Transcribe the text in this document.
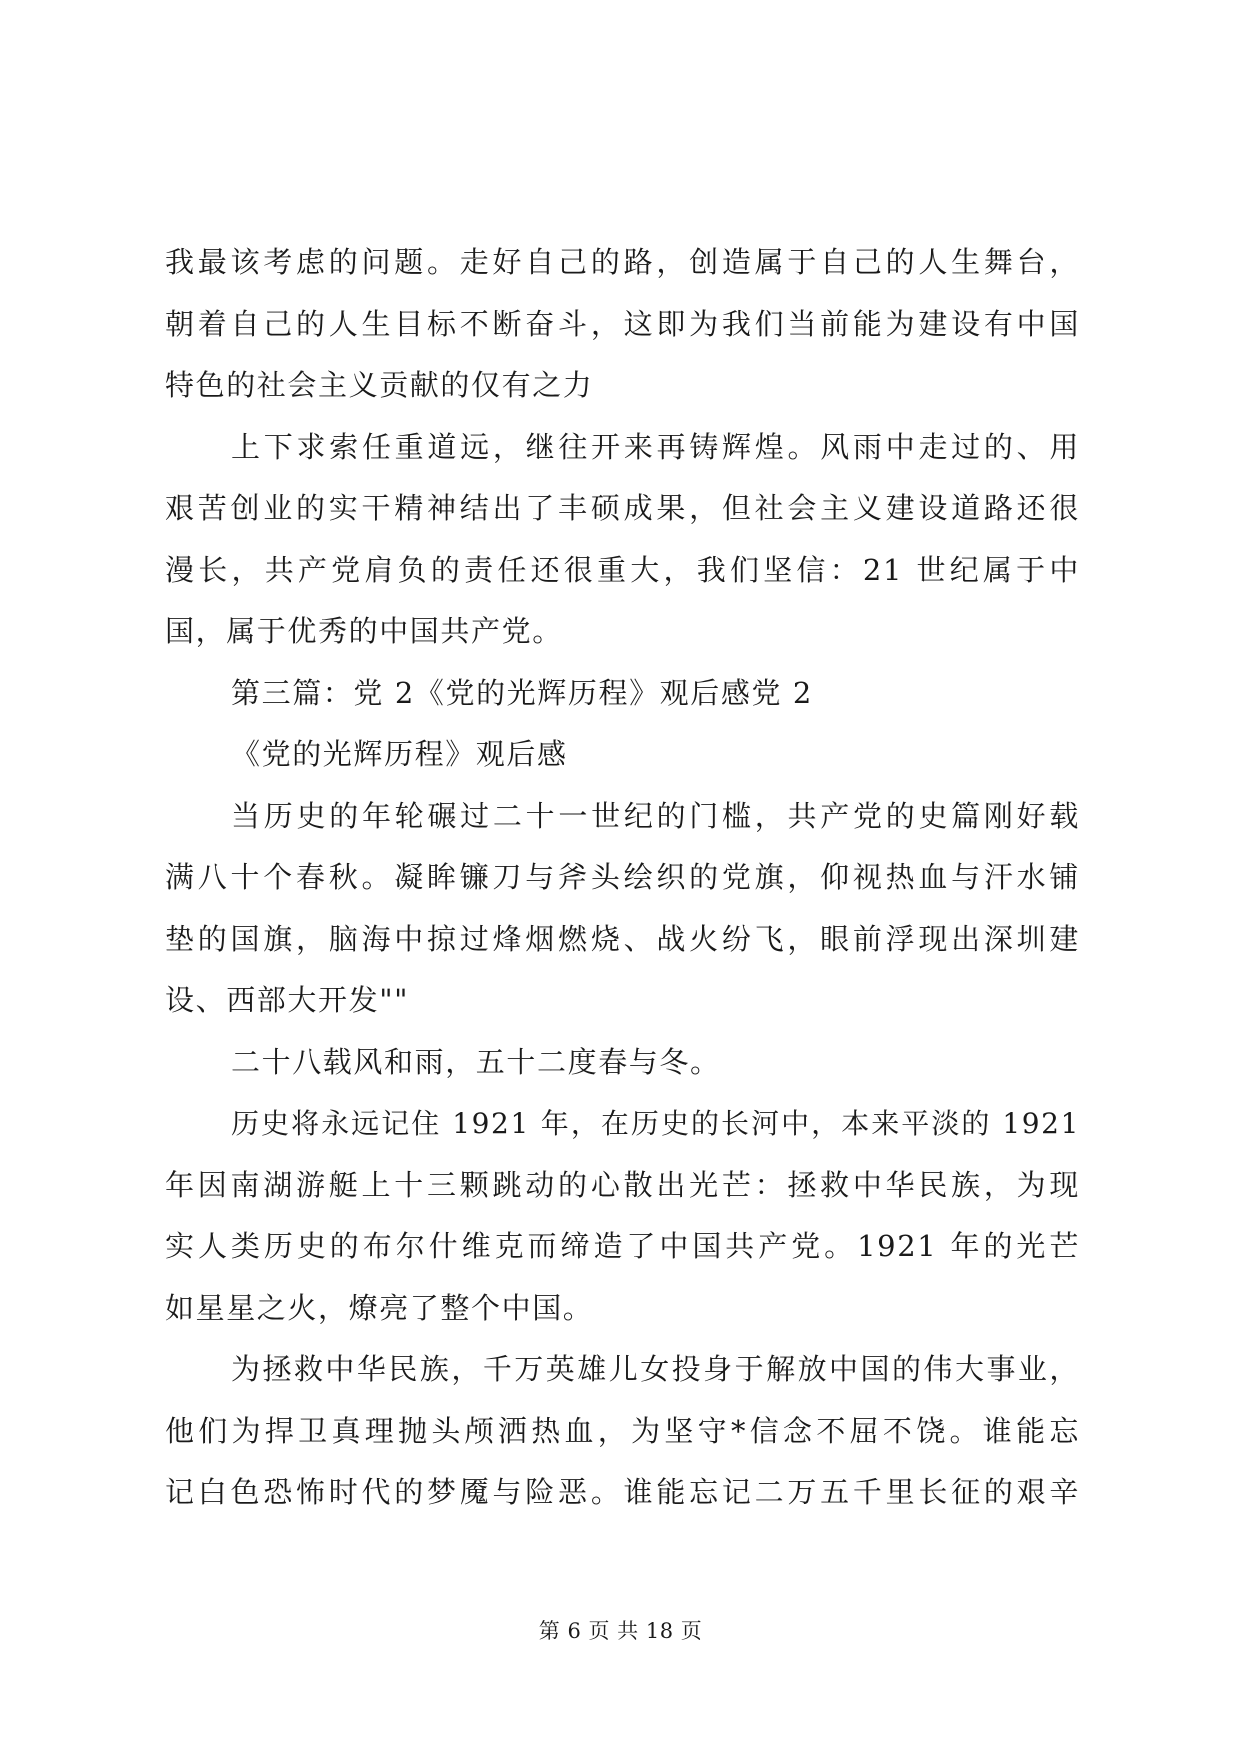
我最该考虑的问题。走好自己的路，创造属于自己的人生舞台，
朝着自己的人生目标不断奋斗，这即为我们当前能为建设有中国
特色的社会主义贡献的仅有之力
上下求索任重道远，继往开来再铸辉煌。风雨中走过的、用
艰苦创业的实干精神结出了丰硕成果，但社会主义建设道路还很
漫长，共产党肩负的责任还很重大，我们坚信：21 世纪属于中
国，属于优秀的中国共产党。
第三篇：党 2《党的光辉历程》观后感党 2
《党的光辉历程》观后感
当历史的年轮碾过二十一世纪的门槛，共产党的史篇刚好载
满八十个春秋。凝眸镰刀与斧头绘织的党旗，仰视热血与汗水铺
垫的国旗，脑海中掠过烽烟燃烧、战火纷飞，眼前浮现出深圳建
设、西部大开发""
二十八载风和雨，五十二度春与冬。
历史将永远记住 1921 年，在历史的长河中，本来平淡的 1921
年因南湖游艇上十三颗跳动的心散出光芒：拯救中华民族，为现
实人类历史的布尔什维克而缔造了中国共产党。1921 年的光芒
如星星之火，燎亮了整个中国。
为拯救中华民族，千万英雄儿女投身于解放中国的伟大事业，
他们为捍卫真理抛头颅洒热血，为坚守*信念不屈不饶。谁能忘
记白色恐怖时代的梦魇与险恶。谁能忘记二万五千里长征的艰辛
第 6 页 共 18 页
